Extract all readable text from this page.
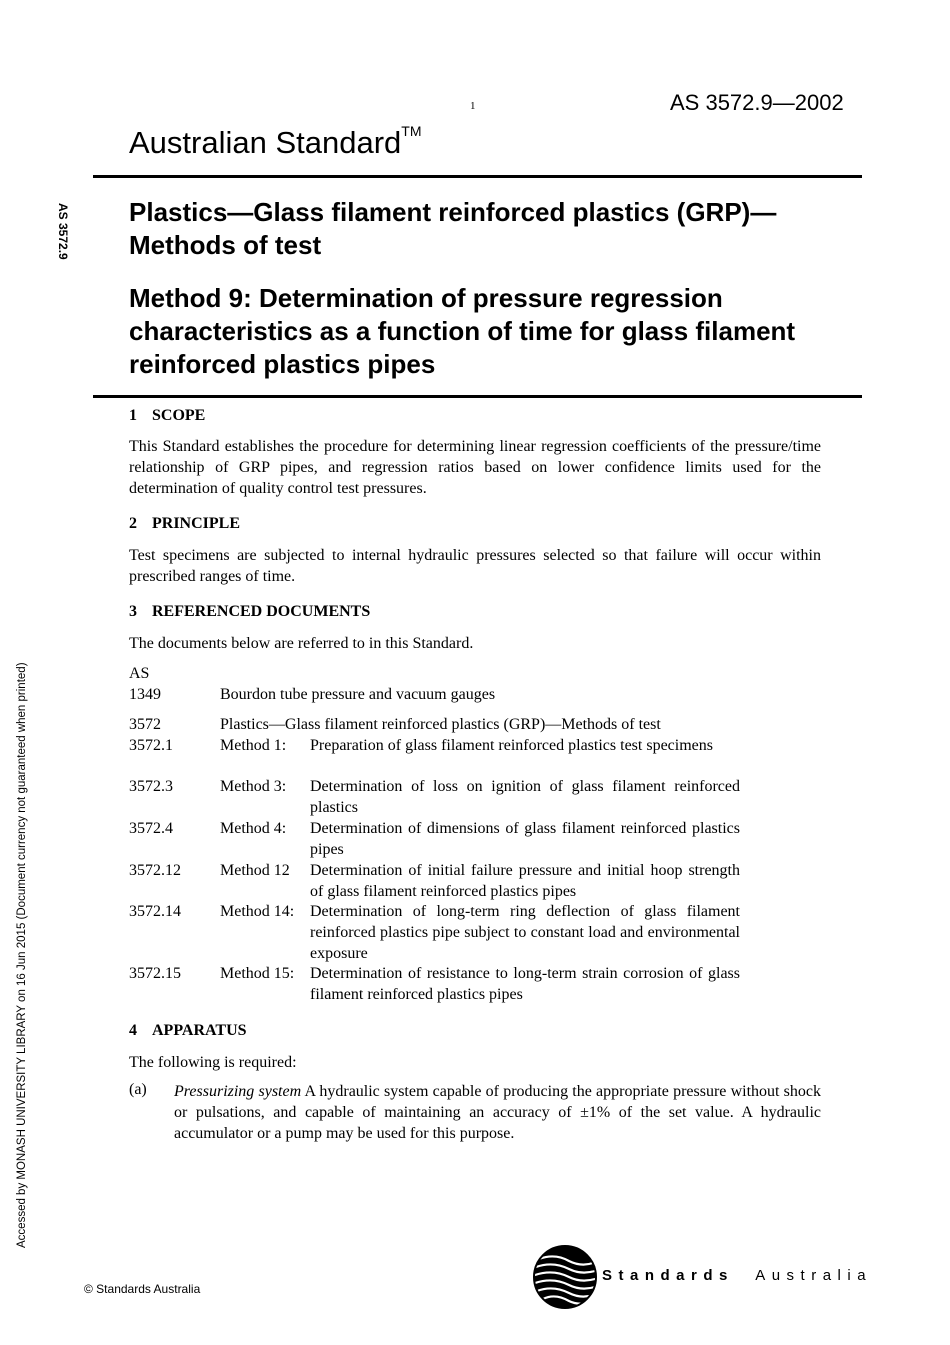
1	AS 3572.9—2002
Australian Standard™
AS 3572.9
Accessed by MONASH UNIVERSITY LIBRARY on 16 Jun 2015 (Document currency not guaranteed when printed)
Plastics—Glass filament reinforced plastics (GRP)—Methods of test
Method 9: Determination of pressure regression characteristics as a function of time for glass filament reinforced plastics pipes
1 SCOPE
This Standard establishes the procedure for determining linear regression coefficients of the pressure/time relationship of GRP pipes, and regression ratios based on lower confidence limits used for the determination of quality control test pressures.
2 PRINCIPLE
Test specimens are subjected to internal hydraulic pressures selected so that failure will occur within prescribed ranges of time.
3 REFERENCED DOCUMENTS
The documents below are referred to in this Standard.
AS
1349	Bourdon tube pressure and vacuum gauges
3572	Plastics—Glass filament reinforced plastics (GRP)—Methods of test
3572.1	Method 1:	Preparation of glass filament reinforced plastics test specimens
3572.3	Method 3:	Determination of loss on ignition of glass filament reinforced plastics
3572.4	Method 4:	Determination of dimensions of glass filament reinforced plastics pipes
3572.12	Method 12	Determination of initial failure pressure and initial hoop strength of glass filament reinforced plastics pipes
3572.14	Method 14: Determination of long-term ring deflection of glass filament reinforced plastics pipe subject to constant load and environmental exposure
3572.15	Method 15: Determination of resistance to long-term strain corrosion of glass filament reinforced plastics pipes
4 APPARATUS
The following is required:
(a) Pressurizing system A hydraulic system capable of producing the appropriate pressure without shock or pulsations, and capable of maintaining an accuracy of ±1% of the set value. A hydraulic accumulator or a pump may be used for this purpose.
© Standards Australia
Standards Australia
